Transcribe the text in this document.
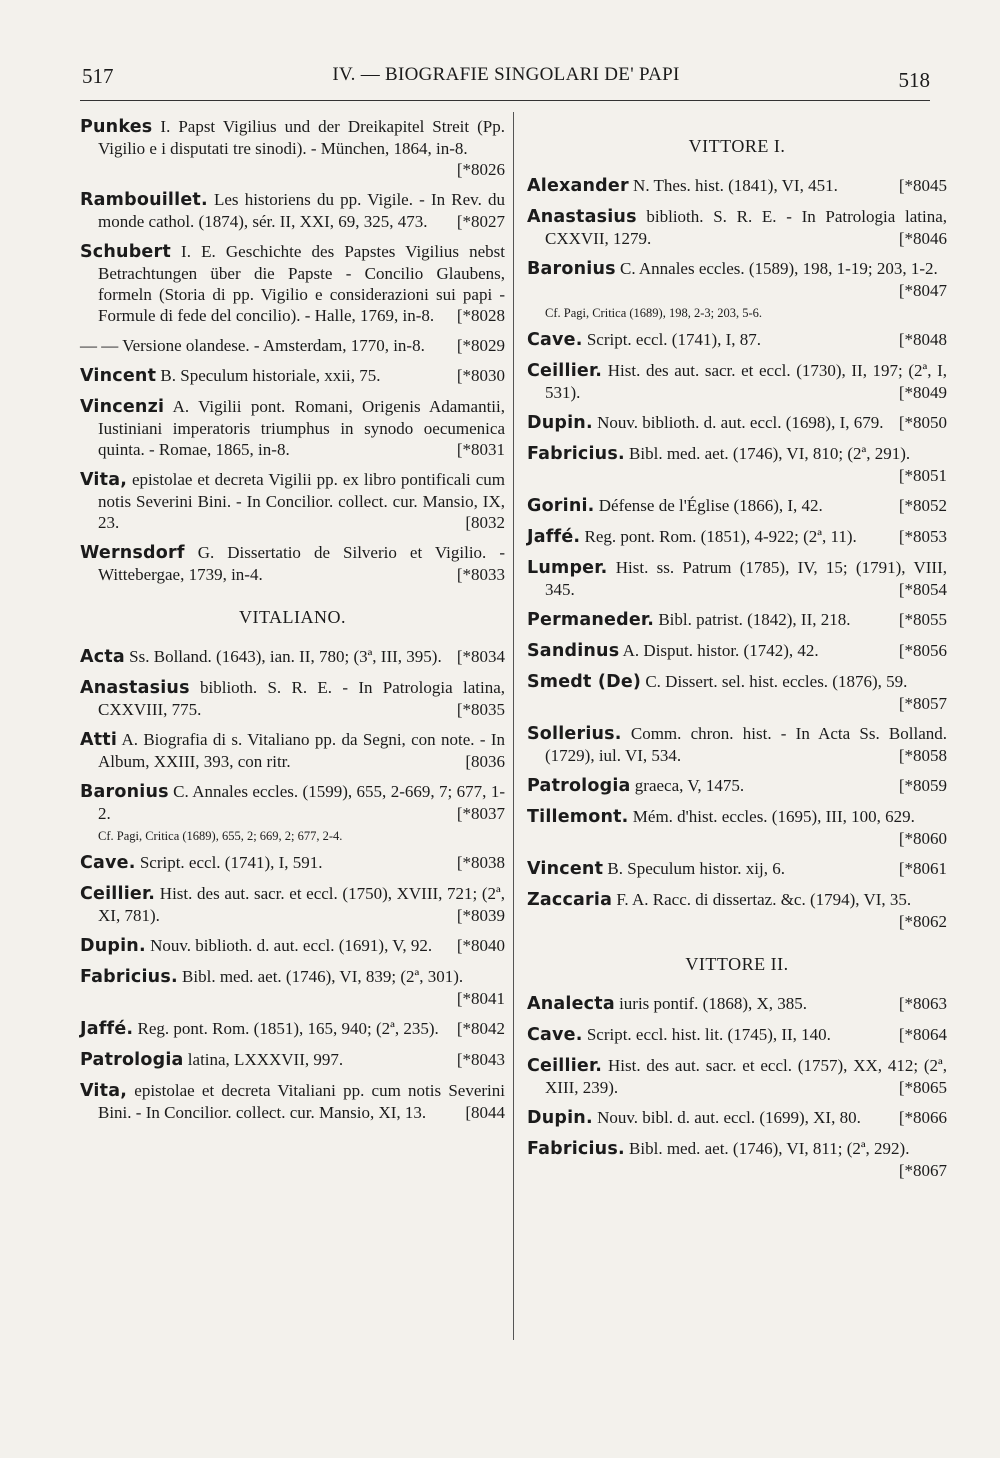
517	IV. — BIOGRAFIE SINGOLARI DE' PAPI	518
Punkes I. Papst Vigilius und der Dreikapitel Streit (Pp. Vigilio e i disputati tre sinodi). - München, 1864, in-8.
[*8026
Rambouillet. Les historiens du pp. Vigile. - In Rev. du monde cathol. (1874), sér. II, XXI, 69, 325, 473. [*8027
Schubert I. E. Geschichte des Papstes Vigilius nebst Betrachtungen über die Papste - Concilio Glaubens, formeln (Storia di pp. Vigilio e considerazioni sui papi - Formule di fede del concilio). - Halle, 1769, in-8. [*8028
— — Versione olandese. - Amsterdam, 1770, in-8. [*8029
Vincent B. Speculum historiale, xxii, 75.	[*8030
Vincenzi A. Vigilii pont. Romani, Origenis Adamantii, Iustiniani imperatoris triumphus in synodo oecumenica quinta. - Romae, 1865, in-8.	[*8031
Vita, epistolae et decreta Vigilii pp. ex libro pontificali cum notis Severini Bini. - In Concilior. collect. cur. Mansio, IX, 23.	[8032
Wernsdorf G. Dissertatio de Silverio et Vigilio. - Wittebergae, 1739, in-4.	[*8033
VITALIANO.
Acta Ss. Bolland. (1643), ian. II, 780; (3ª, III, 395). [*8034
Anastasius biblioth. S. R. E. - In Patrologia latina, CXXVIII, 775.	[*8035
Atti A. Biografia di s. Vitaliano pp. da Segni, con note. - In Album, XXIII, 393, con ritr.	[8036
Baronius C. Annales eccles. (1599), 655, 2-669, 7; 677, 1-2.	[*8037
Cf. Pagi, Critica (1689), 655, 2; 669, 2; 677, 2-4.
Cave. Script. eccl. (1741), I, 591.	[*8038
Ceillier. Hist. des aut. sacr. et eccl. (1750), XVIII, 721; (2ª, XI, 781).	[*8039
Dupin. Nouv. biblioth. d. aut. eccl. (1691), V, 92. [*8040
Fabricius. Bibl. med. aet. (1746), VI, 839; (2ª, 301).
[*8041
Jaffé. Reg. pont. Rom. (1851), 165, 940; (2ª, 235). [*8042
Patrologia latina, LXXXVII, 997.	[*8043
Vita, epistolae et decreta Vitaliani pp. cum notis Severini Bini. - In Concilior. collect. cur. Mansio, XI, 13. [8044
VITTORE I.
Alexander N. Thes. hist. (1841), VI, 451.	[*8045
Anastasius biblioth. S. R. E. - In Patrologia latina, CXXVII, 1279.	[*8046
Baronius C. Annales eccles. (1589), 198, 1-19; 203, 1-2.
[*8047
Cf. Pagi, Critica (1689), 198, 2-3; 203, 5-6.
Cave. Script. eccl. (1741), I, 87.	[*8048
Ceillier. Hist. des aut. sacr. et eccl. (1730), II, 197; (2ª, I, 531).	[*8049
Dupin. Nouv. biblioth. d. aut. eccl. (1698), I, 679. [*8050
Fabricius. Bibl. med. aet. (1746), VI, 810; (2ª, 291).
[*8051
Gorini. Défense de l'Église (1866), I, 42.	[*8052
Jaffé. Reg. pont. Rom. (1851), 4-922; (2ª, 11). [*8053
Lumper. Hist. ss. Patrum (1785), IV, 15; (1791), VIII, 345.	[*8054
Permaneder. Bibl. patrist. (1842), II, 218.	[*8055
Sandinus A. Disput. histor. (1742), 42.	[*8056
Smedt (De) C. Dissert. sel. hist. eccles. (1876), 59.
[*8057
Sollerius. Comm. chron. hist. - In Acta Ss. Bolland. (1729), iul. VI, 534.	[*8058
Patrologia graeca, V, 1475.	[*8059
Tillemont. Mém. d'hist. eccles. (1695), III, 100, 629.
[*8060
Vincent B. Speculum histor. xij, 6.	[*8061
Zaccaria F. A. Racc. di dissertaz. &c. (1794), VI, 35.
[*8062
VITTORE II.
Analecta iuris pontif. (1868), X, 385.	[*8063
Cave. Script. eccl. hist. lit. (1745), II, 140.	[*8064
Ceillier. Hist. des aut. sacr. et eccl. (1757), XX, 412; (2ª, XIII, 239).	[*8065
Dupin. Nouv. bibl. d. aut. eccl. (1699), XI, 80. [*8066
Fabricius. Bibl. med. aet. (1746), VI, 811; (2ª, 292).
[*8067
